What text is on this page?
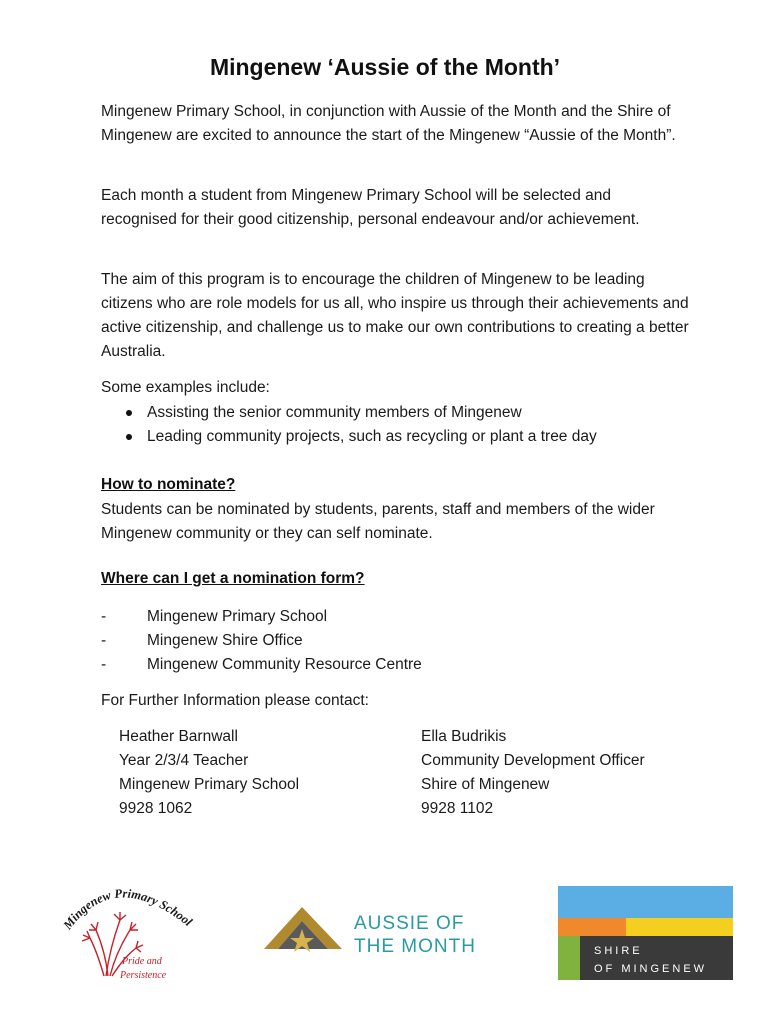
Mingenew ‘Aussie of the Month’
Mingenew Primary School, in conjunction with Aussie of the Month and the Shire of Mingenew are excited to announce the start of the Mingenew “Aussie of the Month”.
Each month a student from Mingenew Primary School will be selected and recognised for their good citizenship, personal endeavour and/or achievement.
The aim of this program is to encourage the children of Mingenew to be leading citizens who are role models for us all, who inspire us through their achievements and active citizenship, and challenge us to make our own contributions to creating a better Australia.
Some examples include:
Assisting the senior community members of Mingenew
Leading community projects, such as recycling or plant a tree day
How to nominate?
Students can be nominated by students, parents, staff and members of the wider Mingenew community or they can self nominate.
Where can I get a nomination form?
-	Mingenew Primary School
-	Mingenew Shire Office
-	Mingenew Community Resource Centre
For Further Information please contact:
Heather Barnwall
Year 2/3/4 Teacher
Mingenew Primary School
9928 1062
Ella Budrikis
Community Development Officer
Shire of Mingenew
9928 1102
Mingenew Primary School
Pride and
Persistence
AUSSIE OF
THE MONTH	SHIRE
OF MINGENEW
